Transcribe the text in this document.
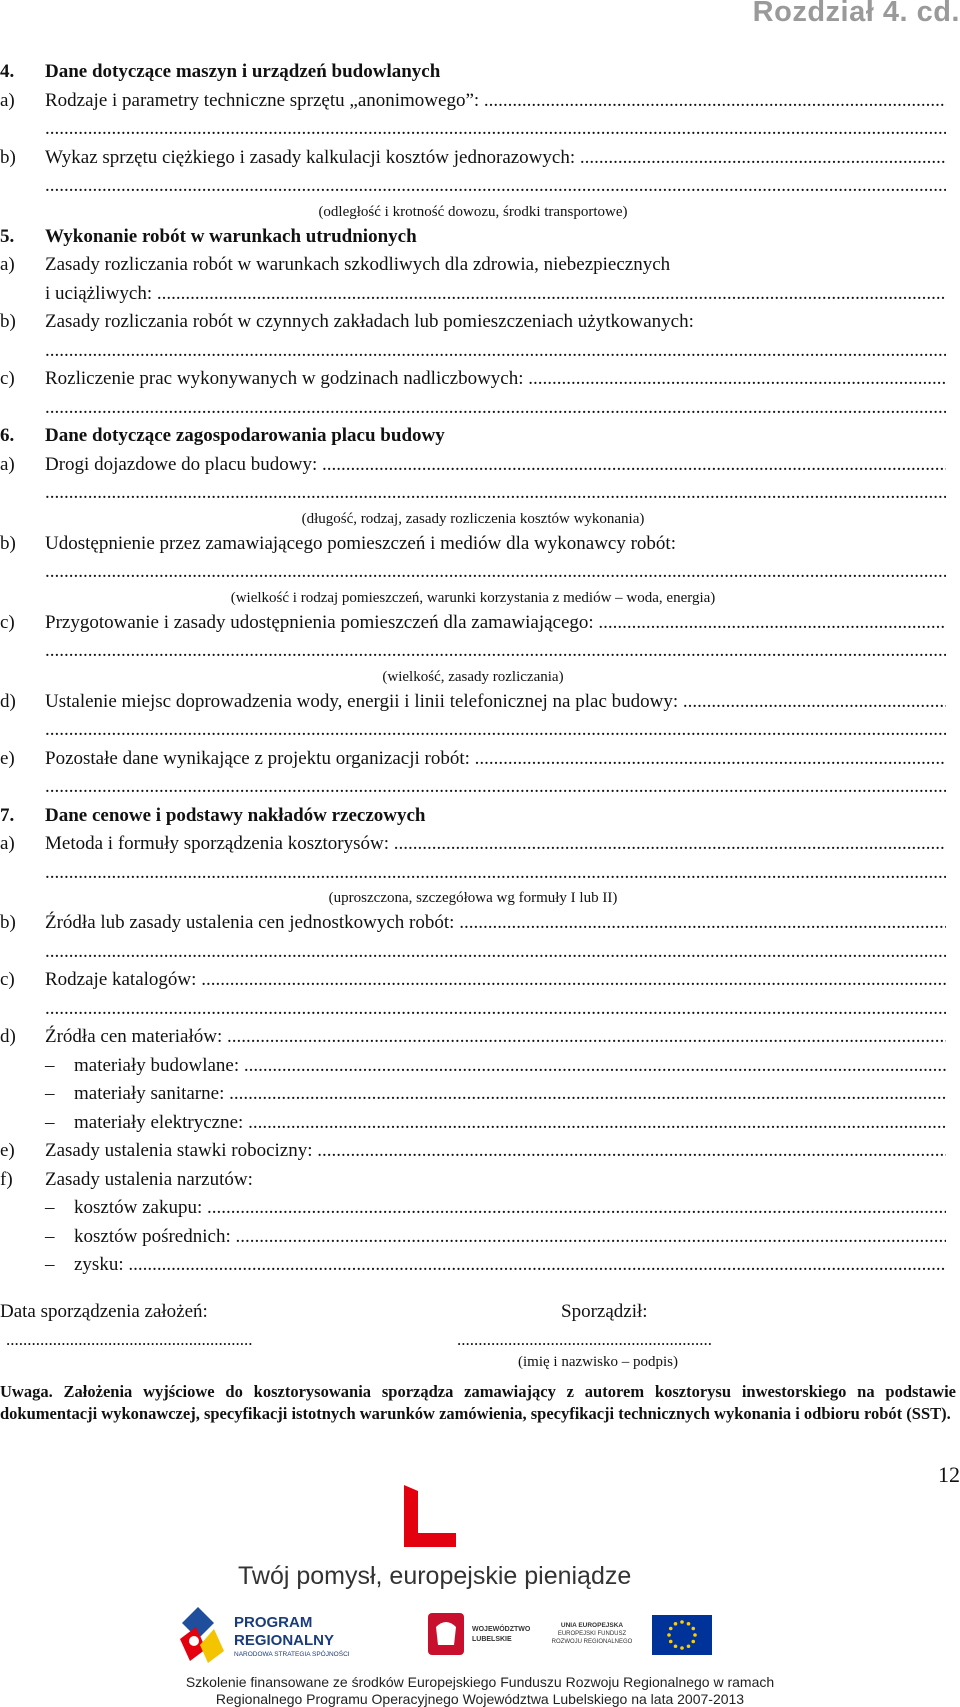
Rozdział 4. cd.
4. Dane dotyczące maszyn i urządzeń budowlanych
a) Rodzaje i parametry techniczne sprzętu „anonimowego”: .....
.....
b) Wykaz sprzętu ciężkiego i zasady kalkulacji kosztów jednorazowych: .....
.....
(odległość i krotność dowozu, środki transportowe)
5. Wykonanie robót w warunkach utrudnionych
a) Zasady rozliczania robót w warunkach szkodliwych dla zdrowia, niebezpiecznych
i uciążliwych: .....
b) Zasady rozliczania robót w czynnych zakładach lub pomieszczeniach użytkowanych:
.....
c) Rozliczenie prac wykonywanych w godzinach nadliczbowych: .....
.....
6. Dane dotyczące zagospodarowania placu budowy
a) Drogi dojazdowe do placu budowy: .....
.....
(długość, rodzaj, zasady rozliczenia kosztów wykonania)
b) Udostępnienie przez zamawiającego pomieszczeń i mediów dla wykonawcy robót:
.....
(wielkość i rodzaj pomieszczeń, warunki korzystania z mediów – woda, energia)
c) Przygotowanie i zasady udostępnienia pomieszczeń dla zamawiającego: .....
.....
(wielkość, zasady rozliczania)
d) Ustalenie miejsc doprowadzenia wody, energii i linii telefonicznej na plac budowy: .....
.....
e) Pozostałe dane wynikające z projektu organizacji robót: .....
.....
7. Dane cenowe i podstawy nakładów rzeczowych
a) Metoda i formuły sporządzenia kosztorysów: .....
.....
(uproszczona, szczegółowa wg formuły I lub II)
b) Źródła lub zasady ustalenia cen jednostkowych robót: .....
.....
c) Rodzaje katalogów: .....
.....
d) Źródła cen materiałów: .....
– materiały budowlane: .....
– materiały sanitarne: .....
– materiały elektryczne: .....
e) Zasady ustalenia stawki robocizny: .....
f) Zasady ustalenia narzutów:
– kosztów zakupu: .....
– kosztów pośrednich: .....
– zysku: .....
Data sporządzenia założeń:	Sporządził:
..........................................................	............................................................
(imię i nazwisko – podpis)
Uwaga. Założenia wyjściowe do kosztorysowania sporządza zamawiający z autorem kosztorysu inwestorskiego na podstawie dokumentacji wykonawczej, specyfikacji istotnych warunków zamówienia, specyfikacji technicznych wykonania i odbioru robót (SST).
12
Twój pomysł, europejskie pieniądze
PROGRAM
REGIONALNY
NARODOWA STRATEGIA SPÓJNOŚCI
WOJEWÓDZTWO
LUBELSKIE
UNIA EUROPEJSKA
EUROPEJSKI FUNDUSZ
ROZWOJU REGIONALNEGO
Szkolenie finansowane ze środków Europejskiego Funduszu Rozwoju Regionalnego w ramach
Regionalnego Programu Operacyjnego Województwa Lubelskiego na lata 2007-2013
